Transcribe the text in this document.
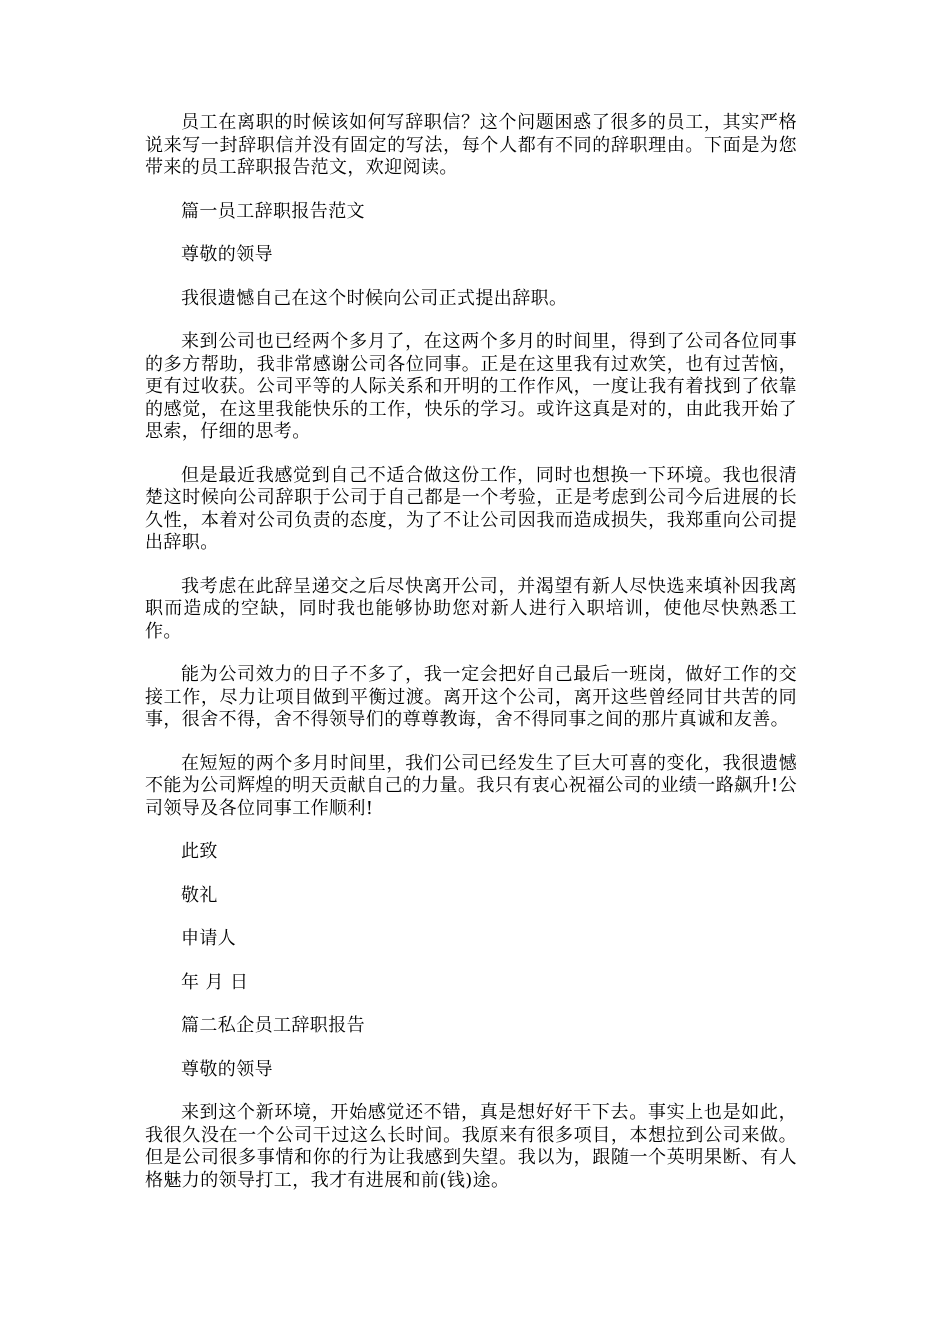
员工在离职的时候该如何写辞职信？这个问题困惑了很多的员工，其实严格说来写一封辞职信并没有固定的写法，每个人都有不同的辞职理由。下面是为您带来的员工辞职报告范文，欢迎阅读。

篇一员工辞职报告范文

尊敬的领导

我很遗憾自己在这个时候向公司正式提出辞职。

来到公司也已经两个多月了，在这两个多月的时间里，得到了公司各位同事的多方帮助，我非常感谢公司各位同事。正是在这里我有过欢笑，也有过苦恼，更有过收获。公司平等的人际关系和开明的工作作风，一度让我有着找到了依靠的感觉，在这里我能快乐的工作，快乐的学习。或许这真是对的，由此我开始了思索，仔细的思考。

但是最近我感觉到自己不适合做这份工作，同时也想换一下环境。我也很清楚这时候向公司辞职于公司于自己都是一个考验，正是考虑到公司今后进展的长久性，本着对公司负责的态度，为了不让公司因我而造成损失，我郑重向公司提出辞职。

我考虑在此辞呈递交之后尽快离开公司，并渴望有新人尽快选来填补因我离职而造成的空缺，同时我也能够协助您对新人进行入职培训，使他尽快熟悉工作。

能为公司效力的日子不多了，我一定会把好自己最后一班岗，做好工作的交接工作，尽力让项目做到平衡过渡。离开这个公司，离开这些曾经同甘共苦的同事，很舍不得，舍不得领导们的尊尊教诲，舍不得同事之间的那片真诚和友善。

在短短的两个多月时间里，我们公司已经发生了巨大可喜的变化，我很遗憾不能为公司辉煌的明天贡献自己的力量。我只有衷心祝福公司的业绩一路飙升!公司领导及各位同事工作顺利!

此致

敬礼

申请人

年 月 日

篇二私企员工辞职报告

尊敬的领导

来到这个新环境，开始感觉还不错，真是想好好干下去。事实上也是如此，我很久没在一个公司干过这么长时间。我原来有很多项目，本想拉到公司来做。但是公司很多事情和你的行为让我感到失望。我以为，跟随一个英明果断、有人格魅力的领导打工，我才有进展和前(钱)途。
